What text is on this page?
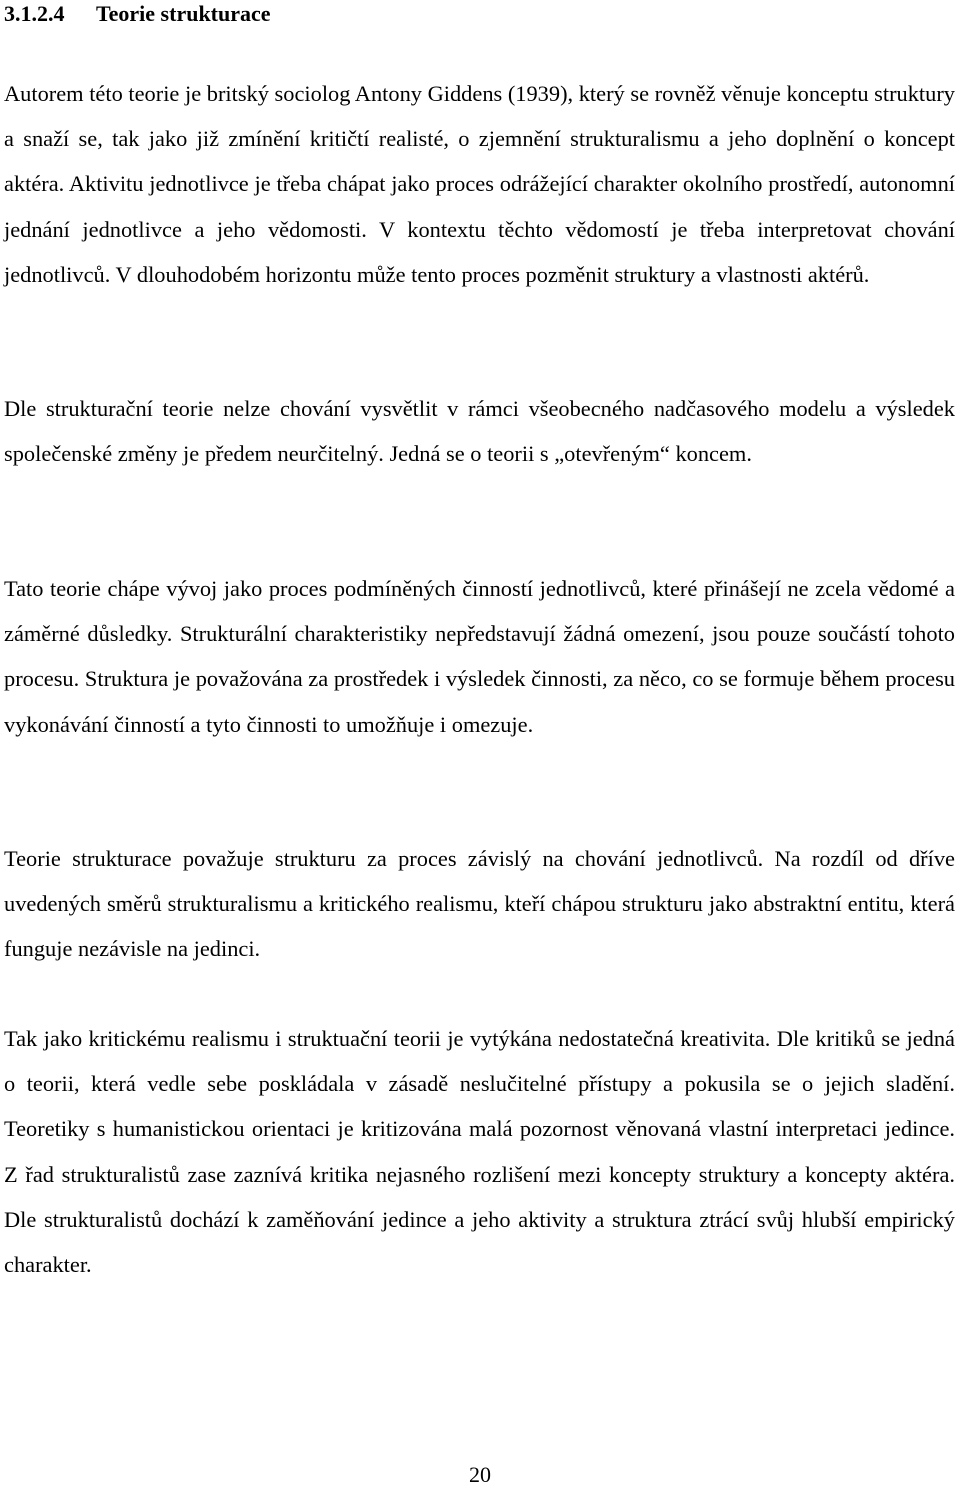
3.1.2.4 Teorie strukturace

Autorem této teorie je britský sociolog Antony Giddens (1939), který se rovněž věnuje konceptu struktury a snaží se, tak jako již zmínění kritičtí realisté, o zjemnění strukturalismu a jeho doplnění o koncept aktéra. Aktivitu jednotlivce je třeba chápat jako proces odrážející charakter okolního prostředí, autonomní jednání jednotlivce a jeho vědomosti. V kontextu těchto vědomostí je třeba interpretovat chování jednotlivců. V dlouhodobém horizontu může tento proces pozměnit struktury a vlastnosti aktérů.

Dle strukturační teorie nelze chování vysvětlit v rámci všeobecného nadčasového modelu a výsledek společenské změny je předem neurčitelný. Jedná se o teorii s „otevřeným“ koncem.

Tato teorie chápe vývoj jako proces podmíněných činností jednotlivců, které přinášejí ne zcela vědomé a záměrné důsledky. Strukturální charakteristiky nepředstavují žádná omezení, jsou pouze součástí tohoto procesu. Struktura je považována za prostředek i výsledek činnosti, za něco, co se formuje během procesu vykonávání činností a tyto činnosti to umožňuje i omezuje.

Teorie strukturace považuje strukturu za proces závislý na chování jednotlivců. Na rozdíl od dříve uvedených směrů strukturalismu a kritického realismu, kteří chápou strukturu jako abstraktní entitu, která funguje nezávisle na jedinci.

Tak jako kritickému realismu i struktuační teorii je vytýkána nedostatečná kreativita. Dle kritiků se jedná o teorii, která vedle sebe poskládala v zásadě neslučitelné přístupy a pokusila se o jejich sladění. Teoretiky s humanistickou orientaci je kritizována malá pozornost věnovaná vlastní interpretaci jedince. Z řad strukturalistů zase zaznívá kritika nejasného rozlišení mezi koncepty struktury a koncepty aktéra. Dle strukturalistů dochází k zaměňování jedince a jeho aktivity a struktura ztrácí svůj hlubší empirický charakter.

20
